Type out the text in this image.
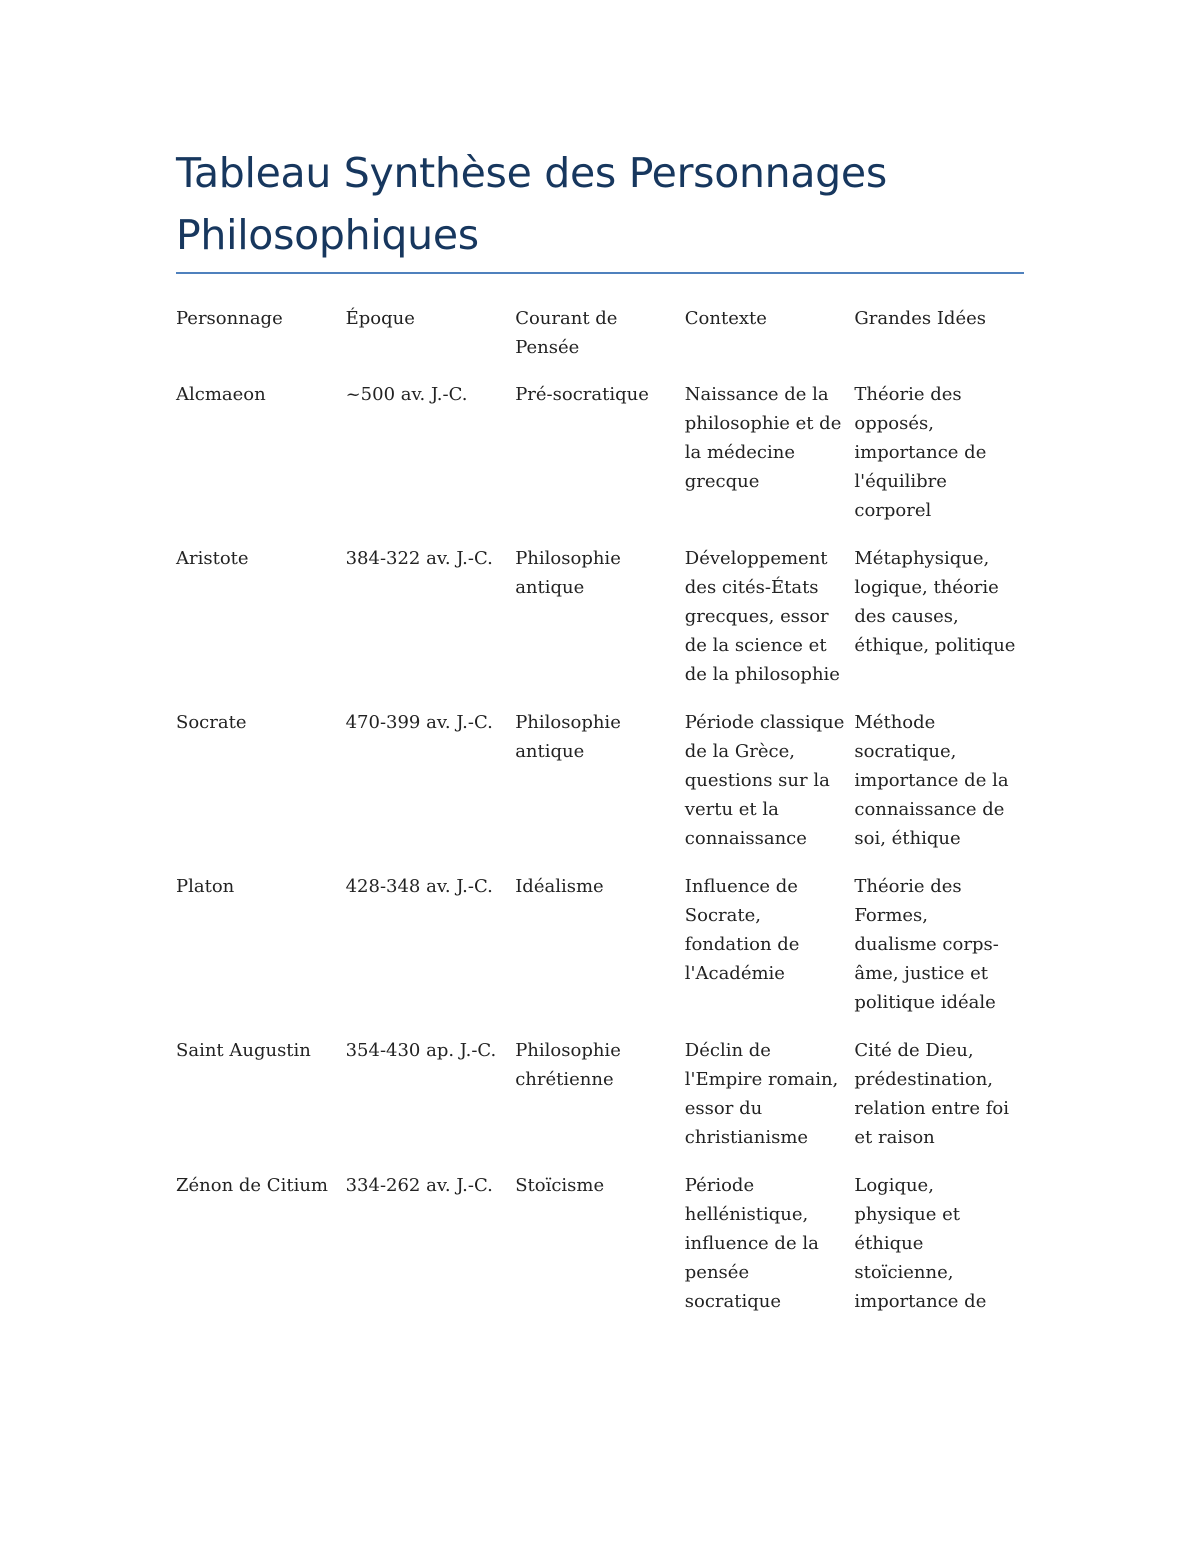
Tableau Synthèse des Personnages Philosophiques
Personnage	Époque	Courant de Pensée	Contexte	Grandes Idées
Alcmaeon	~500 av. J.-C.	Pré-socratique	Naissance de la philosophie et de la médecine grecque	Théorie des opposés, importance de l'équilibre corporel
Aristote	384-322 av. J.-C.	Philosophie antique	Développement des cités-États grecques, essor de la science et de la philosophie	Métaphysique, logique, théorie des causes, éthique, politique
Socrate	470-399 av. J.-C.	Philosophie antique	Période classique de la Grèce, questions sur la vertu et la connaissance	Méthode socratique, importance de la connaissance de soi, éthique
Platon	428-348 av. J.-C.	Idéalisme	Influence de Socrate, fondation de l'Académie	Théorie des Formes, dualisme corps-âme, justice et politique idéale
Saint Augustin	354-430 ap. J.-C.	Philosophie chrétienne	Déclin de l'Empire romain, essor du christianisme	Cité de Dieu, prédestination, relation entre foi et raison
Zénon de Citium	334-262 av. J.-C.	Stoïcisme	Période hellénistique, influence de la pensée socratique	Logique, physique et éthique stoïcienne, importance de
